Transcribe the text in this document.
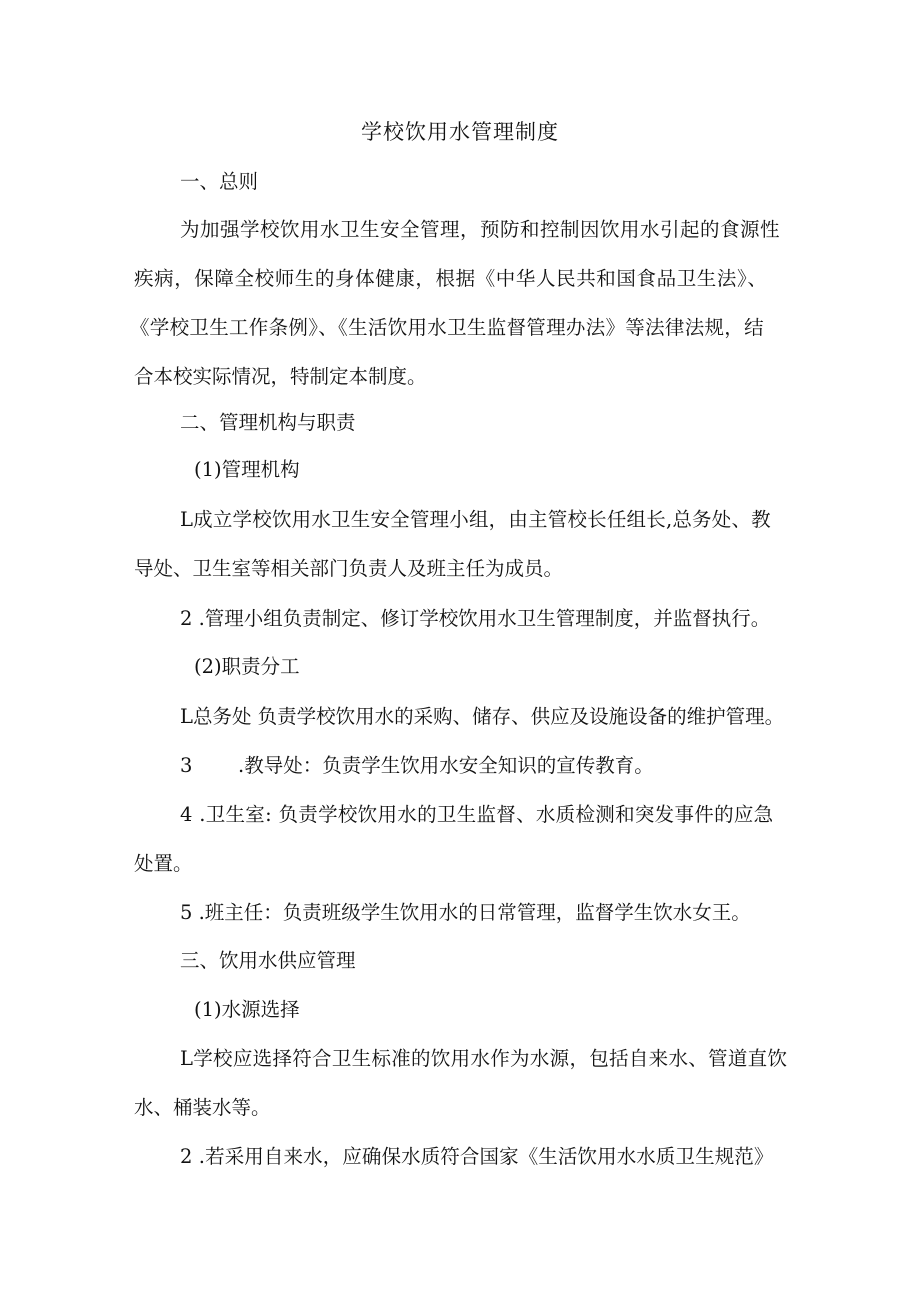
学校饮用水管理制度
一、总则
为加强学校饮用水卫生安全管理，预防和控制因饮用水引起的食源性
疾病，保障全校师生的身体健康，根据《中华人民共和国食品卫生法》、
《学校卫生工作条例》、《生活饮用水卫生监督管理办法》等法律法规，结
合本校实际情况，特制定本制度。
二、管理机构与职责
(1)管理机构
L成立学校饮用水卫生安全管理小组，由主管校长任组长,总务处、教
导处、卫生室等相关部门负责人及班主任为成员。
2 .管理小组负责制定、修订学校饮用水卫生管理制度，并监督执行。
(2)职责分工
L总务处 负责学校饮用水的采购、储存、供应及设施设备的维护管理。
3 .教导处：负责学生饮用水安全知识的宣传教育。
4 .卫生室: 负责学校饮用水的卫生监督、水质检测和突发事件的应急
处置。
5 .班主任：负责班级学生饮用水的日常管理，监督学生饮水女王。
三、饮用水供应管理
(1)水源选择
L学校应选择符合卫生标准的饮用水作为水源，包括自来水、管道直饮
水、桶装水等。
2 .若采用自来水，应确保水质符合国家《生活饮用水水质卫生规范》
